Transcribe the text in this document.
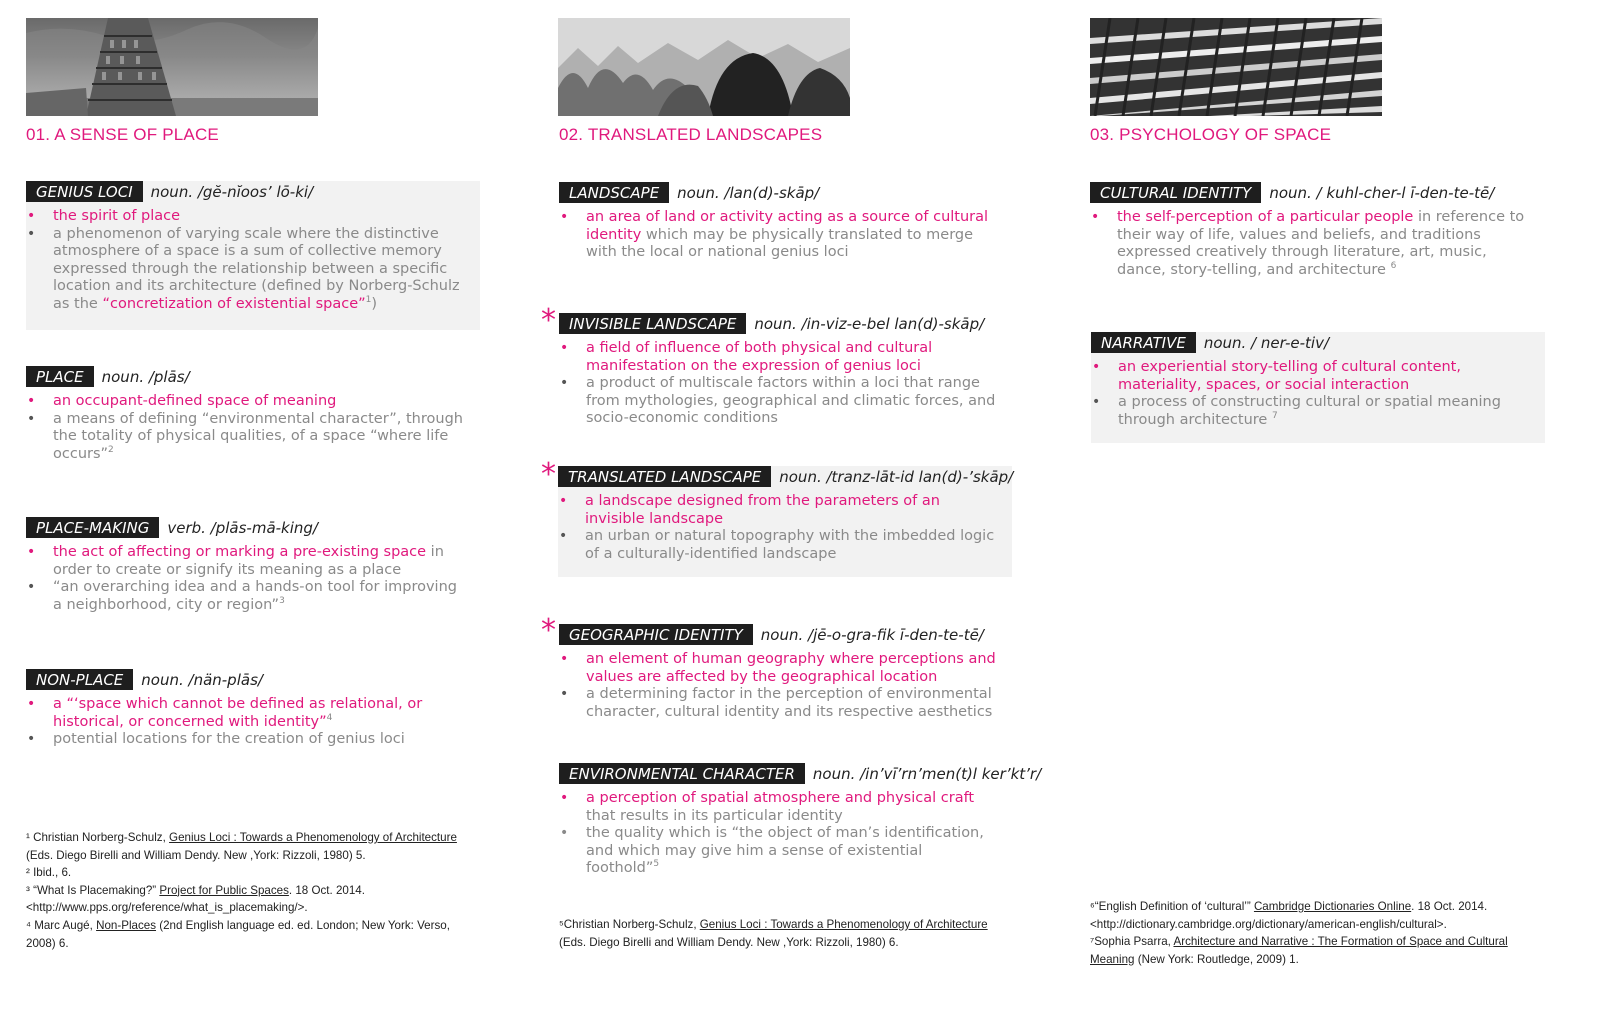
01. A SENSE OF PLACE	02. TRANSLATED LANDSCAPES	03. PSYCHOLOGY OF SPACE
GENIUS LOCI	noun. /gĕ-nĭoos’ lō-ki/
• the spirit of place
• a phenomenon of varying scale where the distinctive atmosphere of a space is a sum of collective memory expressed through the relationship between a specific location and its architecture (defined by Norberg-Schulz as the “concretization of existential space”$^1$)
PLACE	noun. /plās/
• an occupant-defined space of meaning
• a means of defining “environmental character”, through the totality of physical qualities, of a space “where life occurs”$^2$
PLACE-MAKING	verb. /plās-mā-king/
• the act of affecting or marking a pre-existing space in order to create or signify its meaning as a place
• “an overarching idea and a hands-on tool for improving a neighborhood, city or region”$^3$
NON-PLACE	noun. /nän-plās/
• a “‘space which cannot be defined as relational, or historical, or concerned with identity”$^4$
• potential locations for the creation of genius loci
LANDSCAPE	noun. /lan(d)-skāp/
• an area of land or activity acting as a source of cultural identity which may be physically translated to merge with the local or national genius loci
INVISIBLE LANDSCAPE	noun. /in-viz-e-bel lan(d)-skāp/
• a field of influence of both physical and cultural manifestation on the expression of genius loci
• a product of multiscale factors within a loci that range from mythologies, geographical and climatic forces, and socio-economic conditions
TRANSLATED LANDSCAPE	noun. /tranz-lāt-id lan(d)-’skāp/
• a landscape designed from the parameters of an invisible landscape
• an urban or natural topography with the imbedded logic of a culturally-identified landscape
GEOGRAPHIC IDENTITY	noun. /jē-o-gra-fik ī-den-te-tē/
• an element of human geography where perceptions and values are affected by the geographical location
• a determining factor in the perception of environmental character, cultural identity and its respective aesthetics
ENVIRONMENTAL CHARACTER	noun. /in’vī’rn’men(t)l ker’kt’r/
• a perception of spatial atmosphere and physical craft that results in its particular identity
• the quality which is “the object of man’s identification, and which may give him a sense of existential foothold”$^5$
CULTURAL IDENTITY	noun. / kuhl-cher-l ī-den-te-tē/
• the self-perception of a particular people in reference to their way of life, values and beliefs, and traditions expressed creatively through literature, art, music, dance, story-telling, and architecture $^6$
NARRATIVE	noun. / ner-e-tiv/
• an experiential story-telling of cultural content, materiality, spaces, or social interaction
• a process of constructing cultural or spatial meaning through architecture $^7$
*
*
*

¹ Christian Norberg-Schulz, Genius Loci : Towards a Phenomenology of Architecture (Eds. Diego Birelli and William Dendy. New ,York: Rizzoli, 1980) 5.

² Ibid., 6.

³ “What Is Placemaking?” Project for Public Spaces. 18 Oct. 2014. <http://www.pps.org/reference/what_is_placemaking/>.

⁴ Marc Augé, Non-Places (2nd English language ed. ed. London; New York: Verso, 2008) 6.

⁵Christian Norberg-Schulz, Genius Loci : Towards a Phenomenology of Architecture (Eds. Diego Birelli and William Dendy. New ,York: Rizzoli, 1980) 6.

⁶“English Definition of ‘cultural’” Cambridge Dictionaries Online. 18 Oct. 2014. <http://dictionary.cambridge.org/dictionary/american-english/cultural>.

⁷Sophia Psarra, Architecture and Narrative : The Formation of Space and Cultural Meaning (New York: Routledge, 2009) 1.
